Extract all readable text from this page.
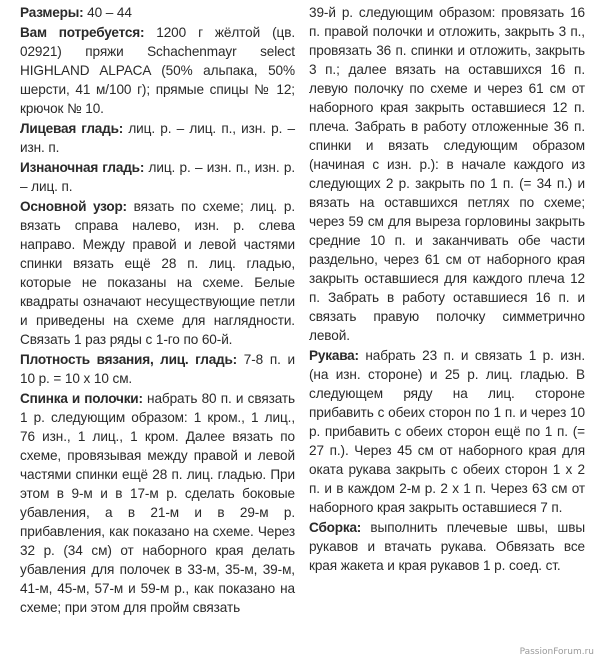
Размеры: 40 – 44

Вам потребуется: 1200 г жёлтой (цв. 02921) пряжи Schachenmayr select HIGHLAND ALPACA (50% альпака, 50% шерсти, 41 м/100 г); прямые спицы № 12; крючок № 10.

Лицевая гладь: лиц. р. – лиц. п., изн. р. – изн. п.

Изнаночная гладь: лиц. р. – изн. п., изн. р. – лиц. п.

Основной узор: вязать по схеме; лиц. р. вязать справа налево, изн. р. слева направо. Между правой и левой частями спинки вязать ещё 28 п. лиц. гладью, которые не показаны на схеме. Белые квадраты означают несуществующие петли и приведены на схеме для наглядности. Связать 1 раз ряды с 1-го по 60-й.

Плотность вязания, лиц. гладь: 7-8 п. и 10 р. = 10 х 10 см.

Спинка и полочки: набрать 80 п. и связать 1 р. следующим образом: 1 кром., 1 лиц., 76 изн., 1 лиц., 1 кром. Далее вязать по схеме, провязывая между правой и левой частями спинки ещё 28 п. лиц. гладью. При этом в 9-м и в 17-м р. сделать боковые убавления, а в 21-м и в 29-м р. прибавления, как показано на схеме. Через 32 р. (34 см) от наборного края делать убавления для полочек в 33-м, 35-м, 39-м, 41-м, 45-м, 57-м и 59-м р., как показано на схеме; при этом для пройм связать

39-й р. следующим образом: провязать 16 п. правой полочки и отложить, закрыть 3 п., провязать 36 п. спинки и отложить, закрыть 3 п.; далее вязать на оставшихся 16 п. левую полочку по схеме и через 61 см от наборного края закрыть оставшиеся 12 п. плеча. Забрать в работу отложенные 36 п. спинки и вязать следующим образом (начиная с изн. р.): в начале каждого из следующих 2 р. закрыть по 1 п. (= 34 п.) и вязать на оставшихся петлях по схеме; через 59 см для выреза горловины закрыть средние 10 п. и заканчивать обе части раздельно, через 61 см от наборного края закрыть оставшиеся для каждого плеча 12 п. Забрать в работу оставшиеся 16 п. и связать правую полочку симметрично левой.

Рукава: набрать 23 п. и связать 1 р. изн. (на изн. стороне) и 25 р. лиц. гладью. В следующем ряду на лиц. стороне прибавить с обеих сторон по 1 п. и через 10 р. прибавить с обеих сторон ещё по 1 п. (= 27 п.). Через 45 см от наборного края для оката рукава закрыть с обеих сторон 1 х 2 п. и в каждом 2-м р. 2 х 1 п. Через 63 см от наборного края закрыть оставшиеся 7 п.

Сборка: выполнить плечевые швы, швы рукавов и втачать рукава. Обвязать все края жакета и края рукавов 1 р. соед. ст.

PassionForum.ru
